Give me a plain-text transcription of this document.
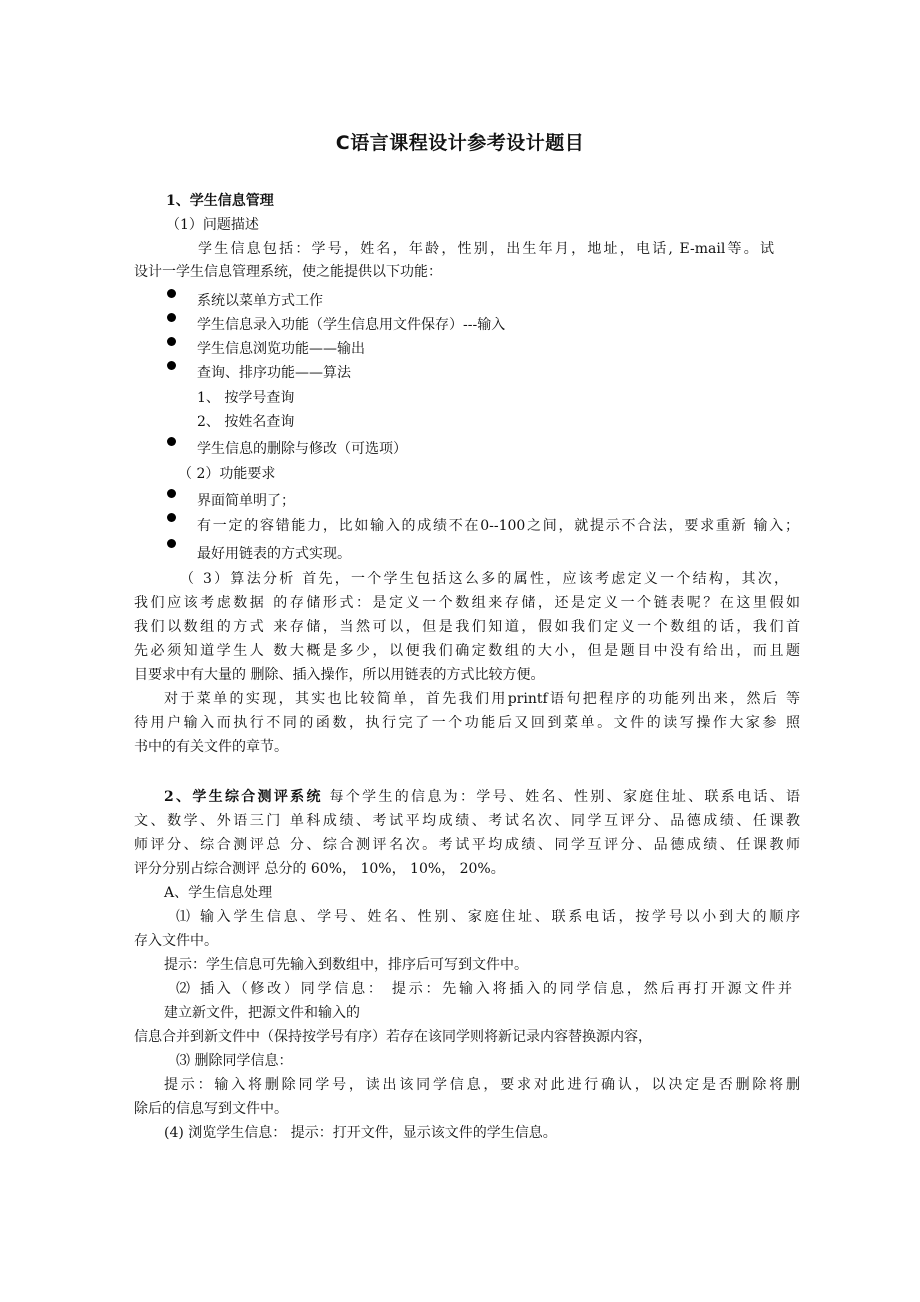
C语言课程设计参考设计题目
1、学生信息管理
（1）问题描述
学生信息包括：学号，姓名，年龄，性别，出生年月，地址，电话, E-mail等。试
设计一学生信息管理系统，使之能提供以下功能：
系统以菜单方式工作
学生信息录入功能（学生信息用文件保存）---输入
学生信息浏览功能——输出
查询、排序功能——算法
1、 按学号查询
2、 按姓名查询
学生信息的删除与修改（可选项）
（ 2）功能要求
界面简单明了；
有一定的容错能力，比如输入的成绩不在0--100之间，就提示不合法，要求重新 输入；
最好用链表的方式实现。
（ 3）算法分析 首先，一个学生包括这么多的属性，应该考虑定义一个结构，其次，
我们应该考虑数据 的存储形式：是定义一个数组来存储，还是定义一个链表呢？在这里假如
我们以数组的方式 来存储，当然可以，但是我们知道，假如我们定义一个数组的话，我们首
先必须知道学生人 数大概是多少，以便我们确定数组的大小，但是题目中没有给出，而且题
目要求中有大量的 删除、插入操作，所以用链表的方式比较方便。
对于菜单的实现，其实也比较简单，首先我们用printf语句把程序的功能列出来，然后 等
待用户输入而执行不同的函数，执行完了一个功能后又回到菜单。文件的读写操作大家参 照
书中的有关文件的章节。
2、学生综合测评系统 每个学生的信息为：学号、姓名、性别、家庭住址、联系电话、语
文、数学、外语三门 单科成绩、考试平均成绩、考试名次、同学互评分、品德成绩、任课教
师评分、综合测评总 分、综合测评名次。考试平均成绩、同学互评分、品德成绩、任课教师
评分分别占综合测评 总分的 60%， 10%， 10%， 20%。
A、学生信息处理
⑴ 输入学生信息、学号、姓名、性别、家庭住址、联系电话，按学号以小到大的顺序
存入文件中。
提示：学生信息可先输入到数组中，排序后可写到文件中。
⑵ 插入（修改）同学信息： 提示：先输入将插入的同学信息，然后再打开源文件并
建立新文件，把源文件和输入的
信息合并到新文件中（保持按学号有序）若存在该同学则将新记录内容替换源内容，
⑶ 删除同学信息：
提示：输入将删除同学号，读出该同学信息，要求对此进行确认，以决定是否删除将删
除后的信息写到文件中。
(4) 浏览学生信息： 提示：打开文件，显示该文件的学生信息。
